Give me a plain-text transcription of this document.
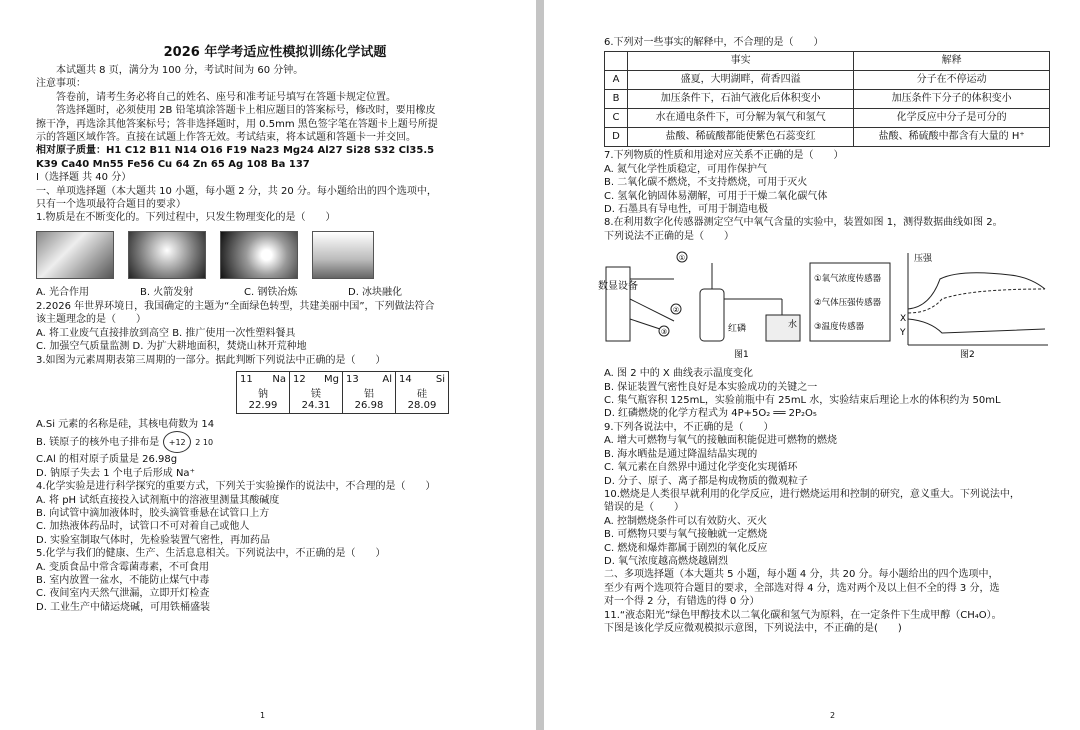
2026 年学考适应性模拟训练化学试题
本试题共 8 页，满分为 100 分，考试时间为 60 分钟。
注意事项：
答卷前，请考生务必将自己的姓名、座号和准考证号填写在答题卡规定位置。
答选择题时，必须使用 2B 铅笔填涂答题卡上相应题目的答案标号，修改时，要用橡皮
擦干净，再选涂其他答案标号；答非选择题时，用 0.5mm 黑色签字笔在答题卡上题号所提
示的答题区域作答。直接在试题上作答无效。考试结束，将本试题和答题卡一并交回。
相对原子质量：H1 C12 B11 N14 O16 F19 Na23 Mg24 Al27 Si28 S32 Cl35.5
K39 Ca40 Mn55 Fe56 Cu 64 Zn 65 Ag 108 Ba 137
Ⅰ（选择题 共 40 分）
一、单项选择题（本大题共 10 小题，每小题 2 分，共 20 分。每小题给出的四个选项中，
只有一个选项最符合题目的要求）
1.物质是在不断变化的。下列过程中，只发生物理变化的是（　　）
A. 光合作用	B. 火箭发射	C. 钢铁冶炼	D. 冰块融化
2.2026 年世界环境日，我国确定的主题为“全面绿色转型，共建美丽中国”，下列做法符合
该主题理念的是（　　）
A. 将工业废气直接排放到高空 B. 推广使用一次性塑料餐具
C. 加强空气质量监测 D. 为扩大耕地面积，焚烧山林开荒种地
3.如图为元素周期表第三周期的一部分。据此判断下列说法中正确的是（　　）
11 Na
钠
22.99

12 Mg
镁
24.31

13 Al
铝
26.98

14 Si
硅
28.09
A.Si 元素的名称是硅，其核电荷数为 14
B. 镁原子的核外电子排布是	+12	2 10
C.Al 的相对原子质量是 26.98g
D. 钠原子失去 1 个电子后形成 Na⁺
4.化学实验是进行科学探究的重要方式，下列关于实验操作的说法中，不合理的是（　　）
A. 将 pH 试纸直接投入试剂瓶中的溶液里测量其酸碱度
B. 向试管中滴加液体时，胶头滴管垂悬在试管口上方
C. 加热液体药品时，试管口不可对着自己或他人
D. 实验室制取气体时，先检验装置气密性，再加药品
5.化学与我们的健康、生产、生活息息相关。下列说法中，不正确的是（　　）
A. 变质食品中常含霉菌毒素，不可食用
B. 室内放置一盆水，不能防止煤气中毒
C. 夜间室内天然气泄漏，立即开灯检查
D. 工业生产中储运烧碱，可用铁桶盛装
1
6.下列对一些事实的解释中，不合理的是（　　）
	事实	解释
A	盛夏，大明湖畔，荷香四溢	分子在不停运动
B	加压条件下，石油气液化后体积变小	加压条件下分子的体积变小
C	水在通电条件下，可分解为氧气和氢气	化学反应中分子是可分的
D	盐酸、稀硫酸都能使紫色石蕊变红	盐酸、稀硫酸中都含有大量的 H⁺
7.下列物质的性质和用途对应关系不正确的是（　　）
A. 氮气化学性质稳定，可用作保护气
B. 二氧化碳不燃烧，不支持燃烧，可用于灭火
C. 氢氧化钠固体易潮解，可用于干燥二氧化碳气体
D. 石墨具有导电性，可用于制造电极
8.在利用数字化传感器测定空气中氧气含量的实验中，装置如图 1，测得数据曲线如图 2。
下列说法不正确的是（　　）
数显设备
①
②
③	红磷	水
①氧气浓度传感器
②气体压强传感器
③温度传感器
图1
压强
X
Y
图2
A. 图 2 中的 X 曲线表示温度变化
B. 保证装置气密性良好是本实验成功的关键之一
C. 集气瓶容积 125mL，实验前瓶中有 25mL 水，实验结束后理论上水的体积约为 50mL
D. 红磷燃烧的化学方程式为 4P+5O₂ ══ 2P₂O₅
9.下列各说法中，不正确的是（　　）
A. 增大可燃物与氧气的接触面积能促进可燃物的燃烧
B. 海水晒盐是通过降温结晶实现的
C. 氧元素在自然界中通过化学变化实现循环
D. 分子、原子、离子都是构成物质的微观粒子
10.燃烧是人类很早就利用的化学反应，进行燃烧运用和控制的研究，意义重大。下列说法中，
错误的是（　　）
A. 控制燃烧条件可以有效防火、灭火
B. 可燃物只要与氧气接触就一定燃烧
C. 燃烧和爆炸都属于剧烈的氧化反应
D. 氧气浓度越高燃烧越剧烈
二、多项选择题（本大题共 5 小题，每小题 4 分，共 20 分。每小题给出的四个选项中，
至少有两个选项符合题目的要求，全部选对得 4 分，选对两个及以上但不全的得 3 分，选
对一个得 2 分，有错选的得 0 分）
11.“液态阳光”绿色甲醇技术以二氧化碳和氢气为原料，在一定条件下生成甲醇（CH₄O）。
下图是该化学反应微观模拟示意图，下列说法中，不正确的是(　　)
2
